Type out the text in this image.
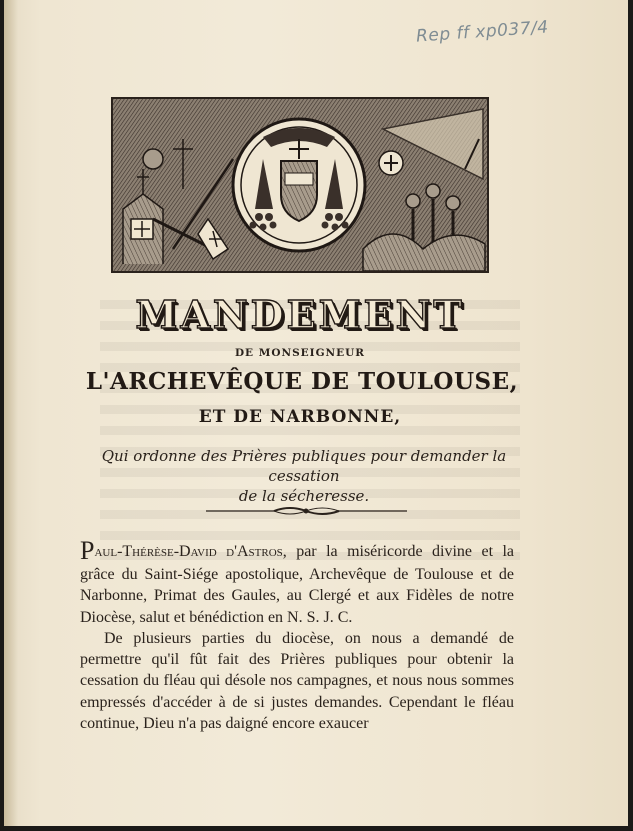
Rep ff xp037/4
MANDEMENT
DE MONSEIGNEUR
L'ARCHEVÊQUE DE TOULOUSE,
ET DE NARBONNE,
Qui ordonne des Prières publiques pour demander la cessation
de la sécheresse.

Paul-Thérèse-David d'Astros, par la miséricorde divine et la grâce du Saint-Siége apostolique, Archevêque de Toulouse et de Narbonne, Primat des Gaules, au Clergé et aux Fidèles de notre Diocèse, salut et bénédiction en N. S. J. C.

De plusieurs parties du diocèse, on nous a demandé de permettre qu'il fût fait des Prières publiques pour obtenir la cessation du fléau qui désole nos campagnes, et nous nous sommes empressés d'accéder à de si justes demandes. Cependant le fléau continue, Dieu n'a pas daigné encore exaucer
